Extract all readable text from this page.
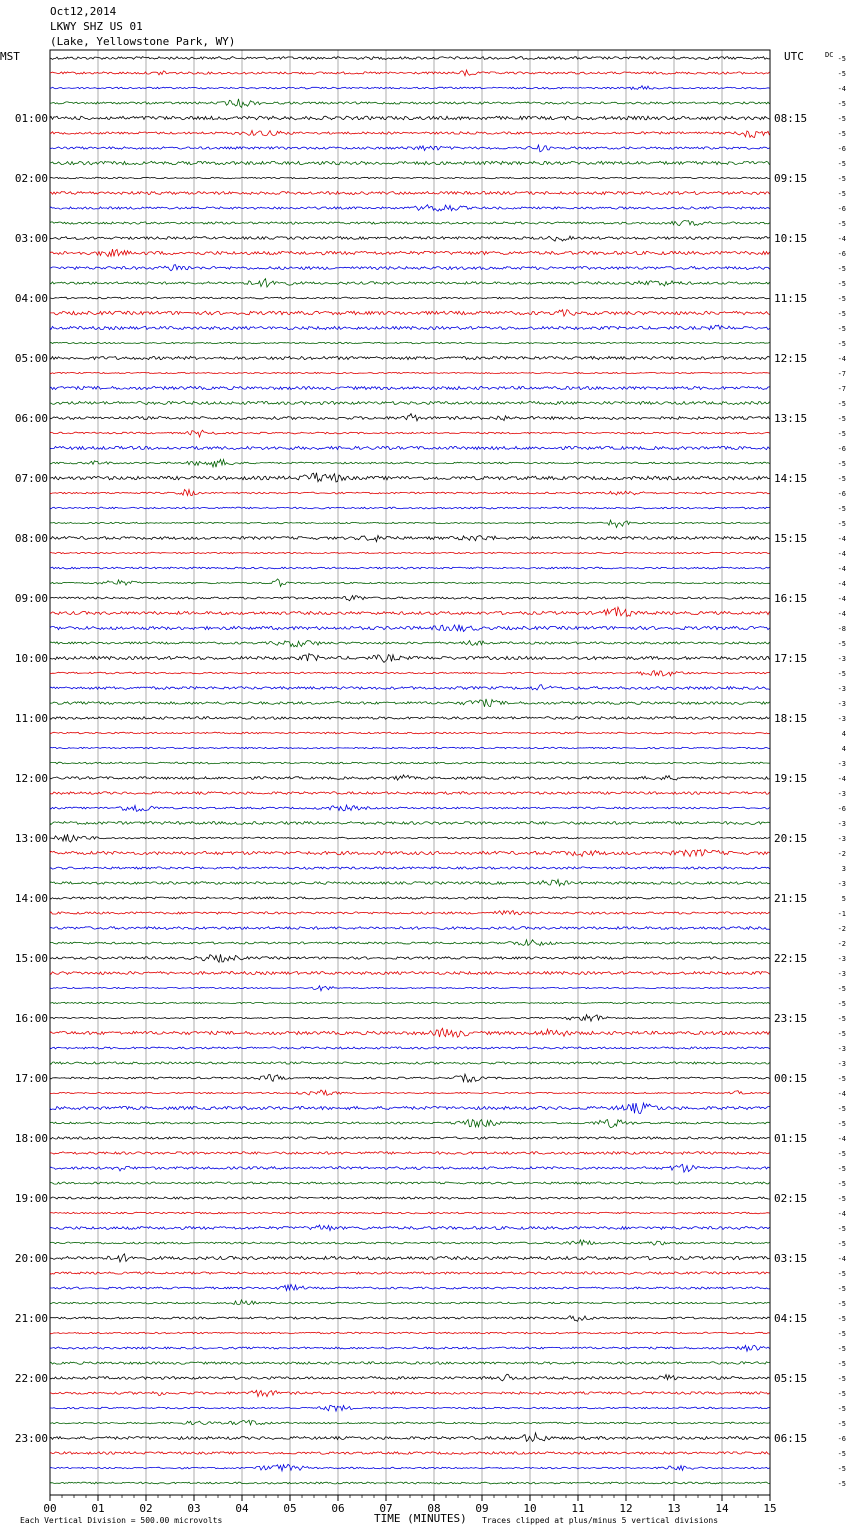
-5
-5
-4
-5
-5
-5
-6
-5
-5
-5
-6
-5
-4
-6
-5
-5
-5
-5
-5
-5
-4
-7
-7
-5
-5
-5
-6
-5
-5
-6
-5
-5
-4
-4
-4
-4
-4
-4
-8
-5
-3
-5
-3
-3
-3
4
4
-3
-4
-3
-6
-3
-3
-2
3
-3
5
-1
-2
-2
-3
-3
-5
-5
-5
-5
-3
-3
-5
-4
-5
-5
-4
-5
-5
-5
-5
-4
-5
-5
-4
-5
-5
-5
-5
-5
-5
-5
-5
-5
-5
-5
-6
-5
-5
-5
01:00	08:15
02:00	09:15
03:00	10:15
04:00	11:15
05:00	12:15
06:00	13:15
07:00	14:15
08:00	15:15
09:00	16:15
10:00	17:15
11:00	18:15
12:00	19:15
13:00	20:15
14:00	21:15
15:00	22:15
16:00	23:15
17:00	00:15
18:00	01:15
19:00	02:15
20:00	03:15
21:00	04:15
22:00	05:15
23:00	06:15
00	01	02	03	04	05	06	07	08	09	10	11	12	13	14	15
Oct12,2014
LKWY SHZ US 01
(Lake, Yellowstone Park, WY)
MST	UTC	DC
Each Vertical Division = 500.00 microvolts	TIME (MINUTES) Traces clipped at plus/minus 5 vertical divisions
